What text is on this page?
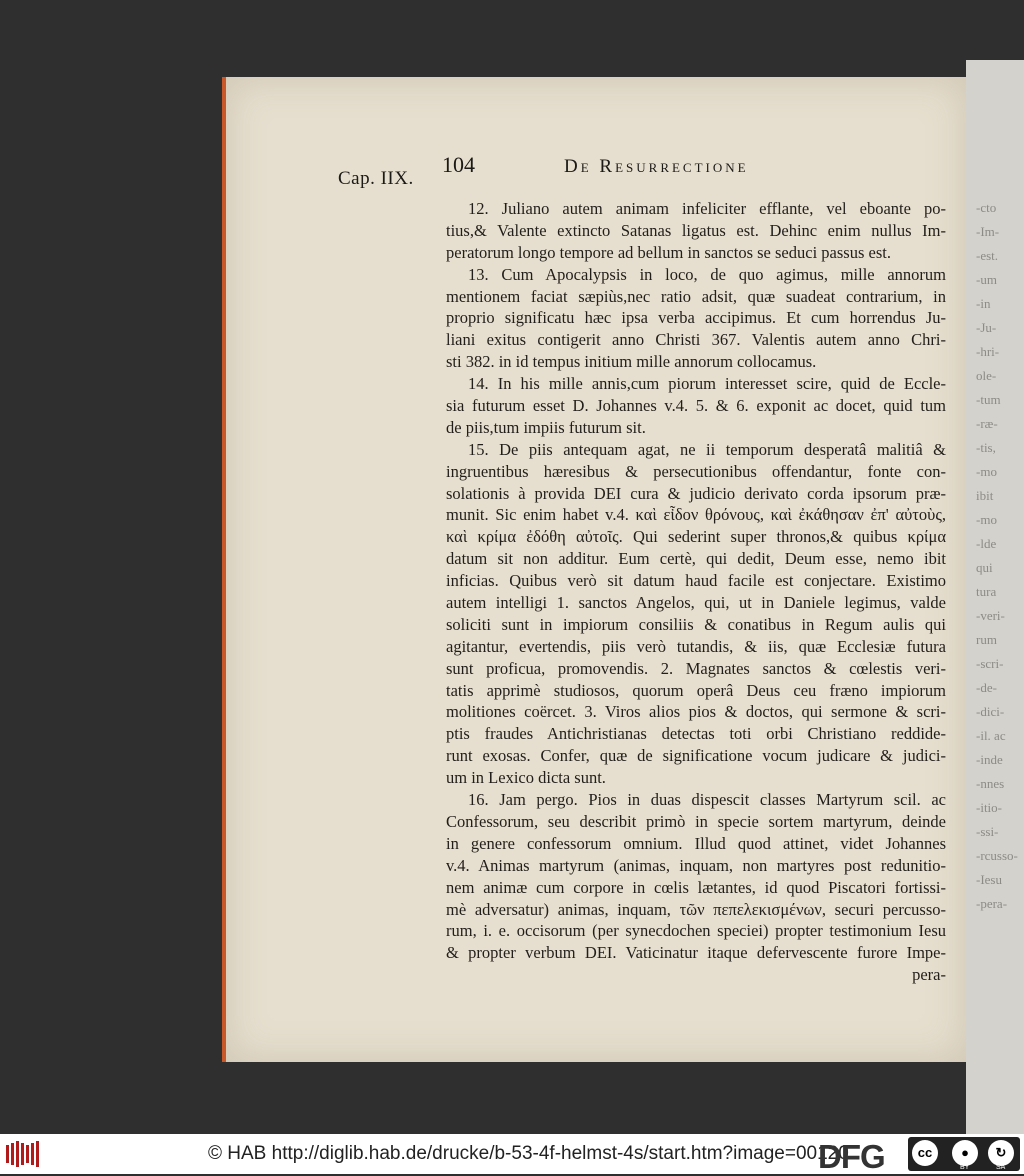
-cto
-Im-
-est.
-um
-in
-Ju-
-hri-
ole-
-tum
-ræ-
-tis,
-mo
ibit
-mo
-lde
qui
tura
-veri-
rum
-scri-
-de-
-dici-
-il. ac
-inde
-nnes
-itio-
-ssi-
-rcusso-
-Iesu
-pera-
Cap. IIX.
104	De Resurrectione
12. Juliano autem animam infeliciter efflante, vel eboante po-
tius,& Valente extincto Satanas ligatus est. Dehinc enim nullus Im-
peratorum longo tempore ad bellum in sanctos se seduci passus est.
13. Cum Apocalypsis in loco, de quo agimus, mille annorum
mentionem faciat sæpiùs,nec ratio adsit, quæ suadeat contrarium, in
proprio significatu hæc ipsa verba accipimus. Et cum horrendus Ju-
liani exitus contigerit anno Christi 367. Valentis autem anno Chri-
sti 382. in id tempus initium mille annorum collocamus.
14. In his mille annis,cum piorum interesset scire, quid de Eccle-
sia futurum esset D. Johannes v.4. 5. & 6. exponit ac docet, quid tum
de piis,tum impiis futurum sit.
15. De piis antequam agat, ne ii temporum desperatâ malitiâ &
ingruentibus hæresibus & persecutionibus offendantur, fonte con-
solationis à provida DEI cura & judicio derivato corda ipsorum præ-
munit. Sic enim habet v.4. καὶ εἶδον θρόνους, καὶ ἐκάθησαν ἐπ' αὐτοὺς,
καὶ κρίμα ἐδόθη αὐτοῖς. Qui sederint super thronos,& quibus κρίμα
datum sit non additur. Eum certè, qui dedit, Deum esse, nemo ibit
inficias. Quibus verò sit datum haud facile est conjectare. Existimo
autem intelligi 1. sanctos Angelos, qui, ut in Daniele legimus, valde
soliciti sunt in impiorum consiliis & conatibus in Regum aulis qui
agitantur, evertendis, piis verò tutandis, & iis, quæ Ecclesiæ futura
sunt proficua, promovendis. 2. Magnates sanctos & cœlestis veri-
tatis apprimè studiosos, quorum operâ Deus ceu fræno impiorum
molitiones coërcet. 3. Viros alios pios & doctos, qui sermone & scri-
ptis fraudes Antichristianas detectas toti orbi Christiano reddide-
runt exosas. Confer, quæ de significatione vocum judicare & judici-
um in Lexico dicta sunt.
16. Jam pergo. Pios in duas dispescit classes Martyrum scil. ac
Confessorum, seu describit primò in specie sortem martyrum, deinde
in genere confessorum omnium. Illud quod attinet, videt Johannes
v.4. Animas martyrum (animas, inquam, non martyres post redunitio-
nem animæ cum corpore in cœlis lætantes, id quod Piscatori fortissi-
mè adversatur) animas, inquam, τῶν πεπελεκισμένων, securi percusso-
rum, i. e. occisorum (per synecdochen speciei) propter testimonium Iesu
& propter verbum DEI. Vaticinatur itaque defervescente furore Impe-
pera-
© HAB http://diglib.hab.de/drucke/b-53-4f-helmst-4s/start.htm?image=00120
DFG	cc	●	↻
BY	SA
